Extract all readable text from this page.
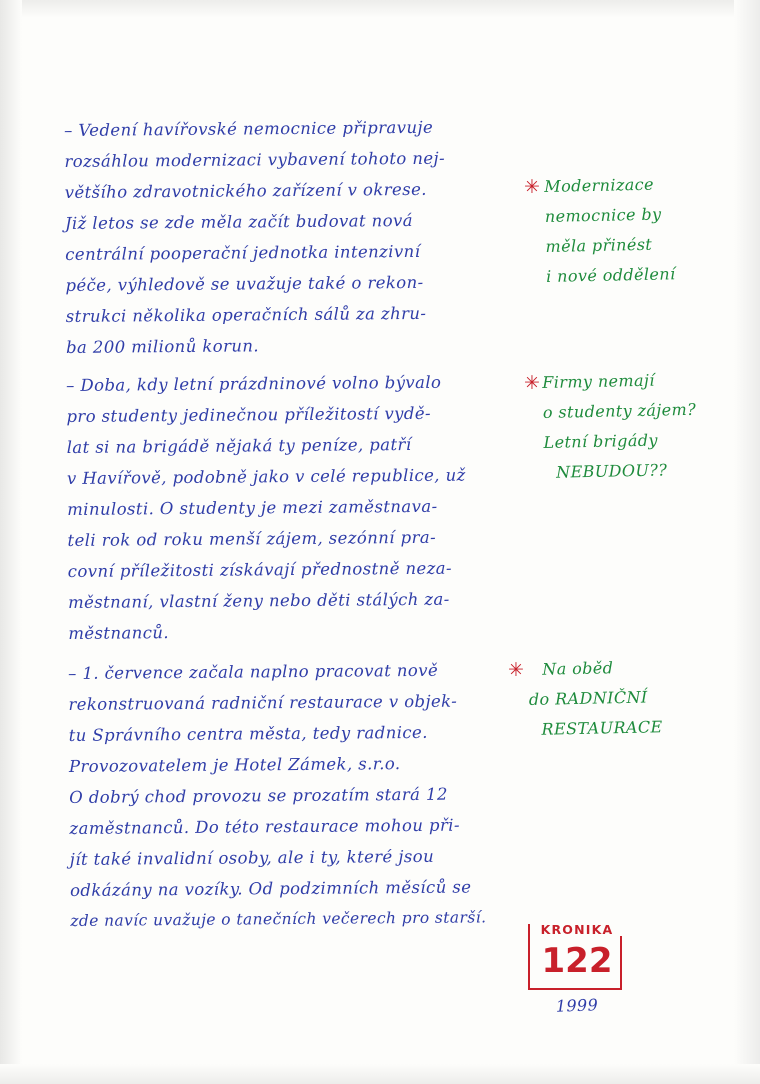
– Vedení havířovské nemocnice připravuje
rozsáhlou modernizaci vybavení tohoto nej-
většího zdravotnického zařízení v okrese.
Již letos se zde měla začít budovat nová
centrální pooperační jednotka intenzivní
péče, výhledově se uvažuje také o rekon-
strukci několika operačních sálů za zhru-
ba 200 milionů korun.
✳ Modernizace
nemocnice by
měla přinést
i nové oddělení
– Doba, kdy letní prázdninové volno bývalo
pro studenty jedinečnou příležitostí vydě-
lat si na brigádě nějaká ty peníze, patří
v Havířově, podobně jako v celé republice, už
minulosti. O studenty je mezi zaměstnava-
teli rok od roku menší zájem, sezónní pra-
covní příležitosti získávají přednostně neza-
městnaní, vlastní ženy nebo děti stálých za-
městnanců.
✳ Firmy nemají
o studenty zájem?
Letní brigády
NEBUDOU??
– 1. července začala naplno pracovat nově
rekonstruovaná radniční restaurace v objek-
tu Správního centra města, tedy radnice.
Provozovatelem je Hotel Zámek, s.r.o.
O dobrý chod provozu se prozatím stará 12
zaměstnanců. Do této restaurace mohou při-
jít také invalidní osoby, ale i ty, které jsou
odkázány na vozíky. Od podzimních měsíců se
zde navíc uvažuje o tanečních večerech pro starší.
✳	Na oběd
do RADNIČNÍ
RESTAURACE
KRONIKA
122
1999
